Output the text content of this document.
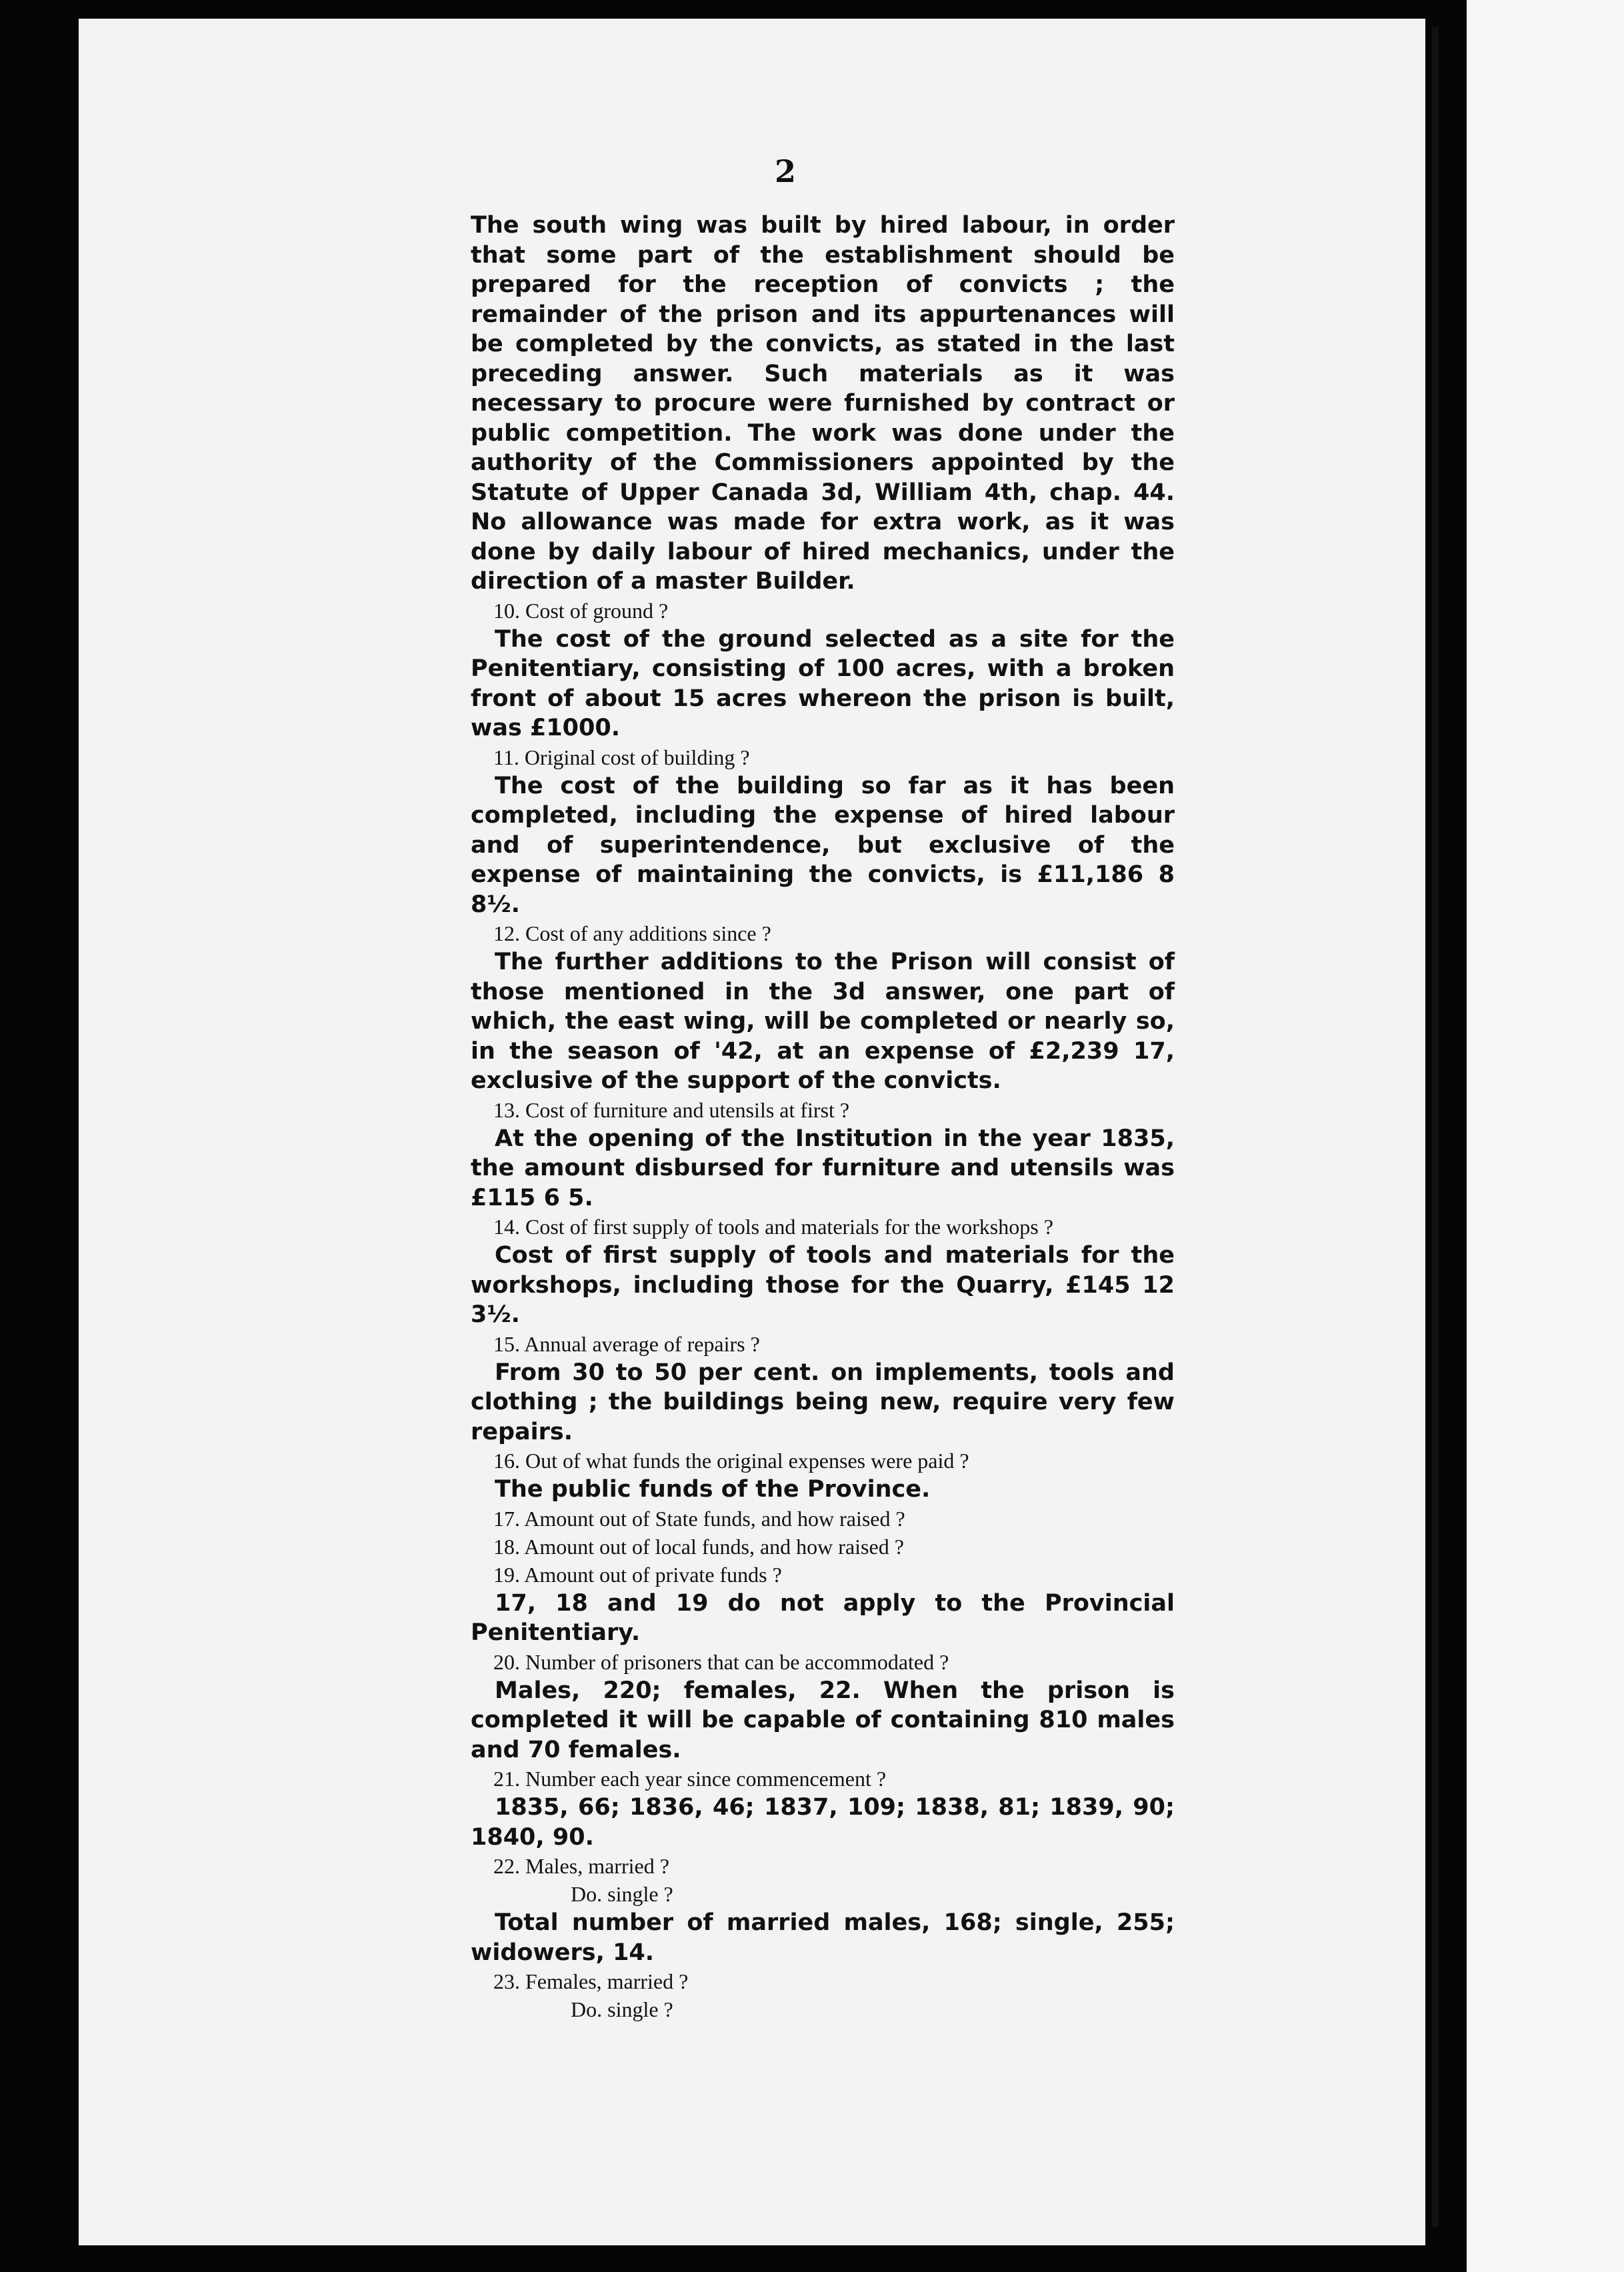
2

The south wing was built by hired labour, in order that some part of the establishment should be prepared for the reception of convicts ; the remainder of the prison and its appurtenances will be completed by the convicts, as stated in the last preceding answer. Such materials as it was necessary to procure were furnished by contract or public competition. The work was done under the authority of the Commissioners appointed by the Statute of Upper Canada 3d, William 4th, chap. 44. No allowance was made for extra work, as it was done by daily labour of hired mechanics, under the direction of a master Builder.

10. Cost of ground ?

The cost of the ground selected as a site for the Penitentiary, consisting of 100 acres, with a broken front of about 15 acres whereon the prison is built, was £1000.

11. Original cost of building ?

The cost of the building so far as it has been completed, including the expense of hired labour and of superintendence, but exclusive of the expense of maintaining the convicts, is £11,186 8 8½.

12. Cost of any additions since ?

The further additions to the Prison will consist of those mentioned in the 3d answer, one part of which, the east wing, will be completed or nearly so, in the season of '42, at an expense of £2,239 17, exclusive of the support of the convicts.

13. Cost of furniture and utensils at first ?

At the opening of the Institution in the year 1835, the amount disbursed for furniture and utensils was £115 6 5.

14. Cost of first supply of tools and materials for the workshops ?

Cost of first supply of tools and materials for the workshops, including those for the Quarry, £145 12 3½.

15. Annual average of repairs ?

From 30 to 50 per cent. on implements, tools and clothing ; the buildings being new, require very few repairs.

16. Out of what funds the original expenses were paid ?

The public funds of the Province.

17. Amount out of State funds, and how raised ?

18. Amount out of local funds, and how raised ?

19. Amount out of private funds ?

17, 18 and 19 do not apply to the Provincial Penitentiary.

20. Number of prisoners that can be accommodated ?

Males, 220; females, 22. When the prison is completed it will be capable of containing 810 males and 70 females.

21. Number each year since commencement ?

1835, 66; 1836, 46; 1837, 109; 1838, 81; 1839, 90; 1840, 90.

22. Males, married ?

Do. single ?

Total number of married males, 168; single, 255; widowers, 14.

23. Females, married ?

Do. single ?
